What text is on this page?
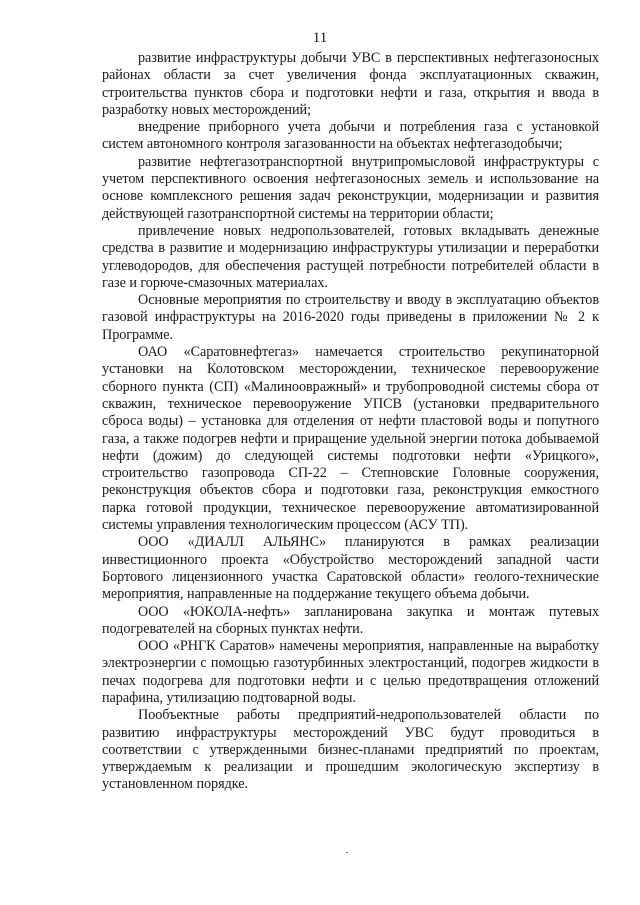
11

развитие инфраструктуры добычи УВС в перспективных нефтегазоносных районах области за счет увеличения фонда эксплуатационных скважин, строительства пунктов сбора и подготовки нефти и газа, открытия и ввода в разработку новых месторождений;

внедрение приборного учета добычи и потребления газа с установкой систем автономного контроля загазованности на объектах нефтегазодобычи;

развитие нефтегазотранспортной внутрипромысловой инфраструктуры с учетом перспективного освоения нефтегазоносных земель и использование на основе комплексного решения задач реконструкции, модернизации и развития действующей газотранспортной системы на территории области;

привлечение новых недропользователей, готовых вкладывать денежные средства в развитие и модернизацию инфраструктуры утилизации и переработки углеводородов, для обеспечения растущей потребности потребителей области в газе и горюче-смазочных материалах.

Основные мероприятия по строительству и вводу в эксплуатацию объектов газовой инфраструктуры на 2016-2020 годы приведены в приложении № 2 к Программе.

ОАО «Саратовнефтегаз» намечается строительство рекупинаторной установки на Колотовском месторождении, техническое перевооружение сборного пункта (СП) «Малиноовражный» и трубопроводной системы сбора от скважин, техническое перевооружение УПСВ (установки предварительного сброса воды) – установка для отделения от нефти пластовой воды и попутного газа, а также подогрев нефти и приращение удельной энергии потока добываемой нефти (дожим) до следующей системы подготовки нефти «Урицкого», строительство газопровода СП-22 – Степновские Головные сооружения, реконструкция объектов сбора и подготовки газа, реконструкция емкостного парка готовой продукции, техническое перевооружение автоматизированной системы управления технологическим процессом (АСУ ТП).

ООО «ДИАЛЛ АЛЬЯНС» планируются в рамках реализации инвестиционного проекта «Обустройство месторождений западной части Бортового лицензионного участка Саратовской области» геолого-технические мероприятия, направленные на поддержание текущего объема добычи.

ООО «ЮКОЛА-нефть» запланирована закупка и монтаж путевых подогревателей на сборных пунктах нефти.

ООО «РНГК Саратов» намечены мероприятия, направленные на выработку электроэнергии с помощью газотурбинных электростанций, подогрев жидкости в печах подогрева для подготовки нефти и с целью предотвращения отложений парафина, утилизацию подтоварной воды.

Пообъектные работы предприятий-недропользователей области по развитию инфраструктуры месторождений УВС будут проводиться в соответствии с утвержденными бизнес-планами предприятий по проектам, утверждаемым к реализации и прошедшим экологическую экспертизу в установленном порядке.
